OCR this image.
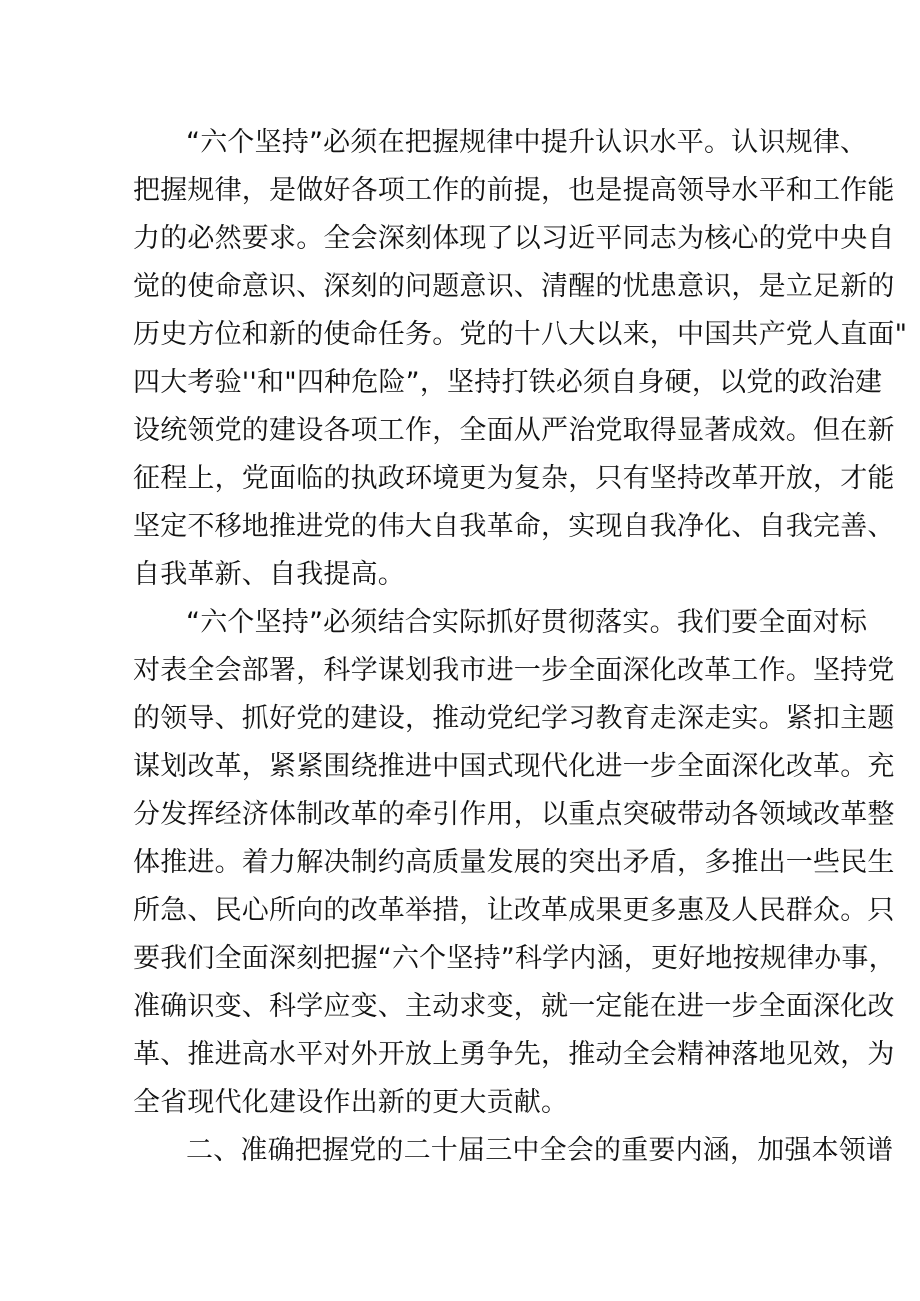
“六个坚持”必须在把握规律中提升认识水平。认识规律、
把握规律，是做好各项工作的前提，也是提高领导水平和工作能
力的必然要求。全会深刻体现了以习近平同志为核心的党中央自
觉的使命意识、深刻的问题意识、清醒的忧患意识，是立足新的
历史方位和新的使命任务。党的十八大以来，中国共产党人直面"
四大考验''和"四种危险”，坚持打铁必须自身硬，以党的政治建
设统领党的建设各项工作，全面从严治党取得显著成效。但在新
征程上，党面临的执政环境更为复杂，只有坚持改革开放，才能
坚定不移地推进党的伟大自我革命，实现自我净化、自我完善、
自我革新、自我提高。
“六个坚持”必须结合实际抓好贯彻落实。我们要全面对标
对表全会部署，科学谋划我市进一步全面深化改革工作。坚持党
的领导、抓好党的建设，推动党纪学习教育走深走实。紧扣主题
谋划改革，紧紧围绕推进中国式现代化进一步全面深化改革。充
分发挥经济体制改革的牵引作用，以重点突破带动各领域改革整
体推进。着力解决制约高质量发展的突出矛盾，多推出一些民生
所急、民心所向的改革举措，让改革成果更多惠及人民群众。只
要我们全面深刻把握“六个坚持”科学内涵，更好地按规律办事，
准确识变、科学应变、主动求变，就一定能在进一步全面深化改
革、推进高水平对外开放上勇争先，推动全会精神落地见效，为
全省现代化建设作出新的更大贡献。
二、准确把握党的二十届三中全会的重要内涵，加强本领谱
